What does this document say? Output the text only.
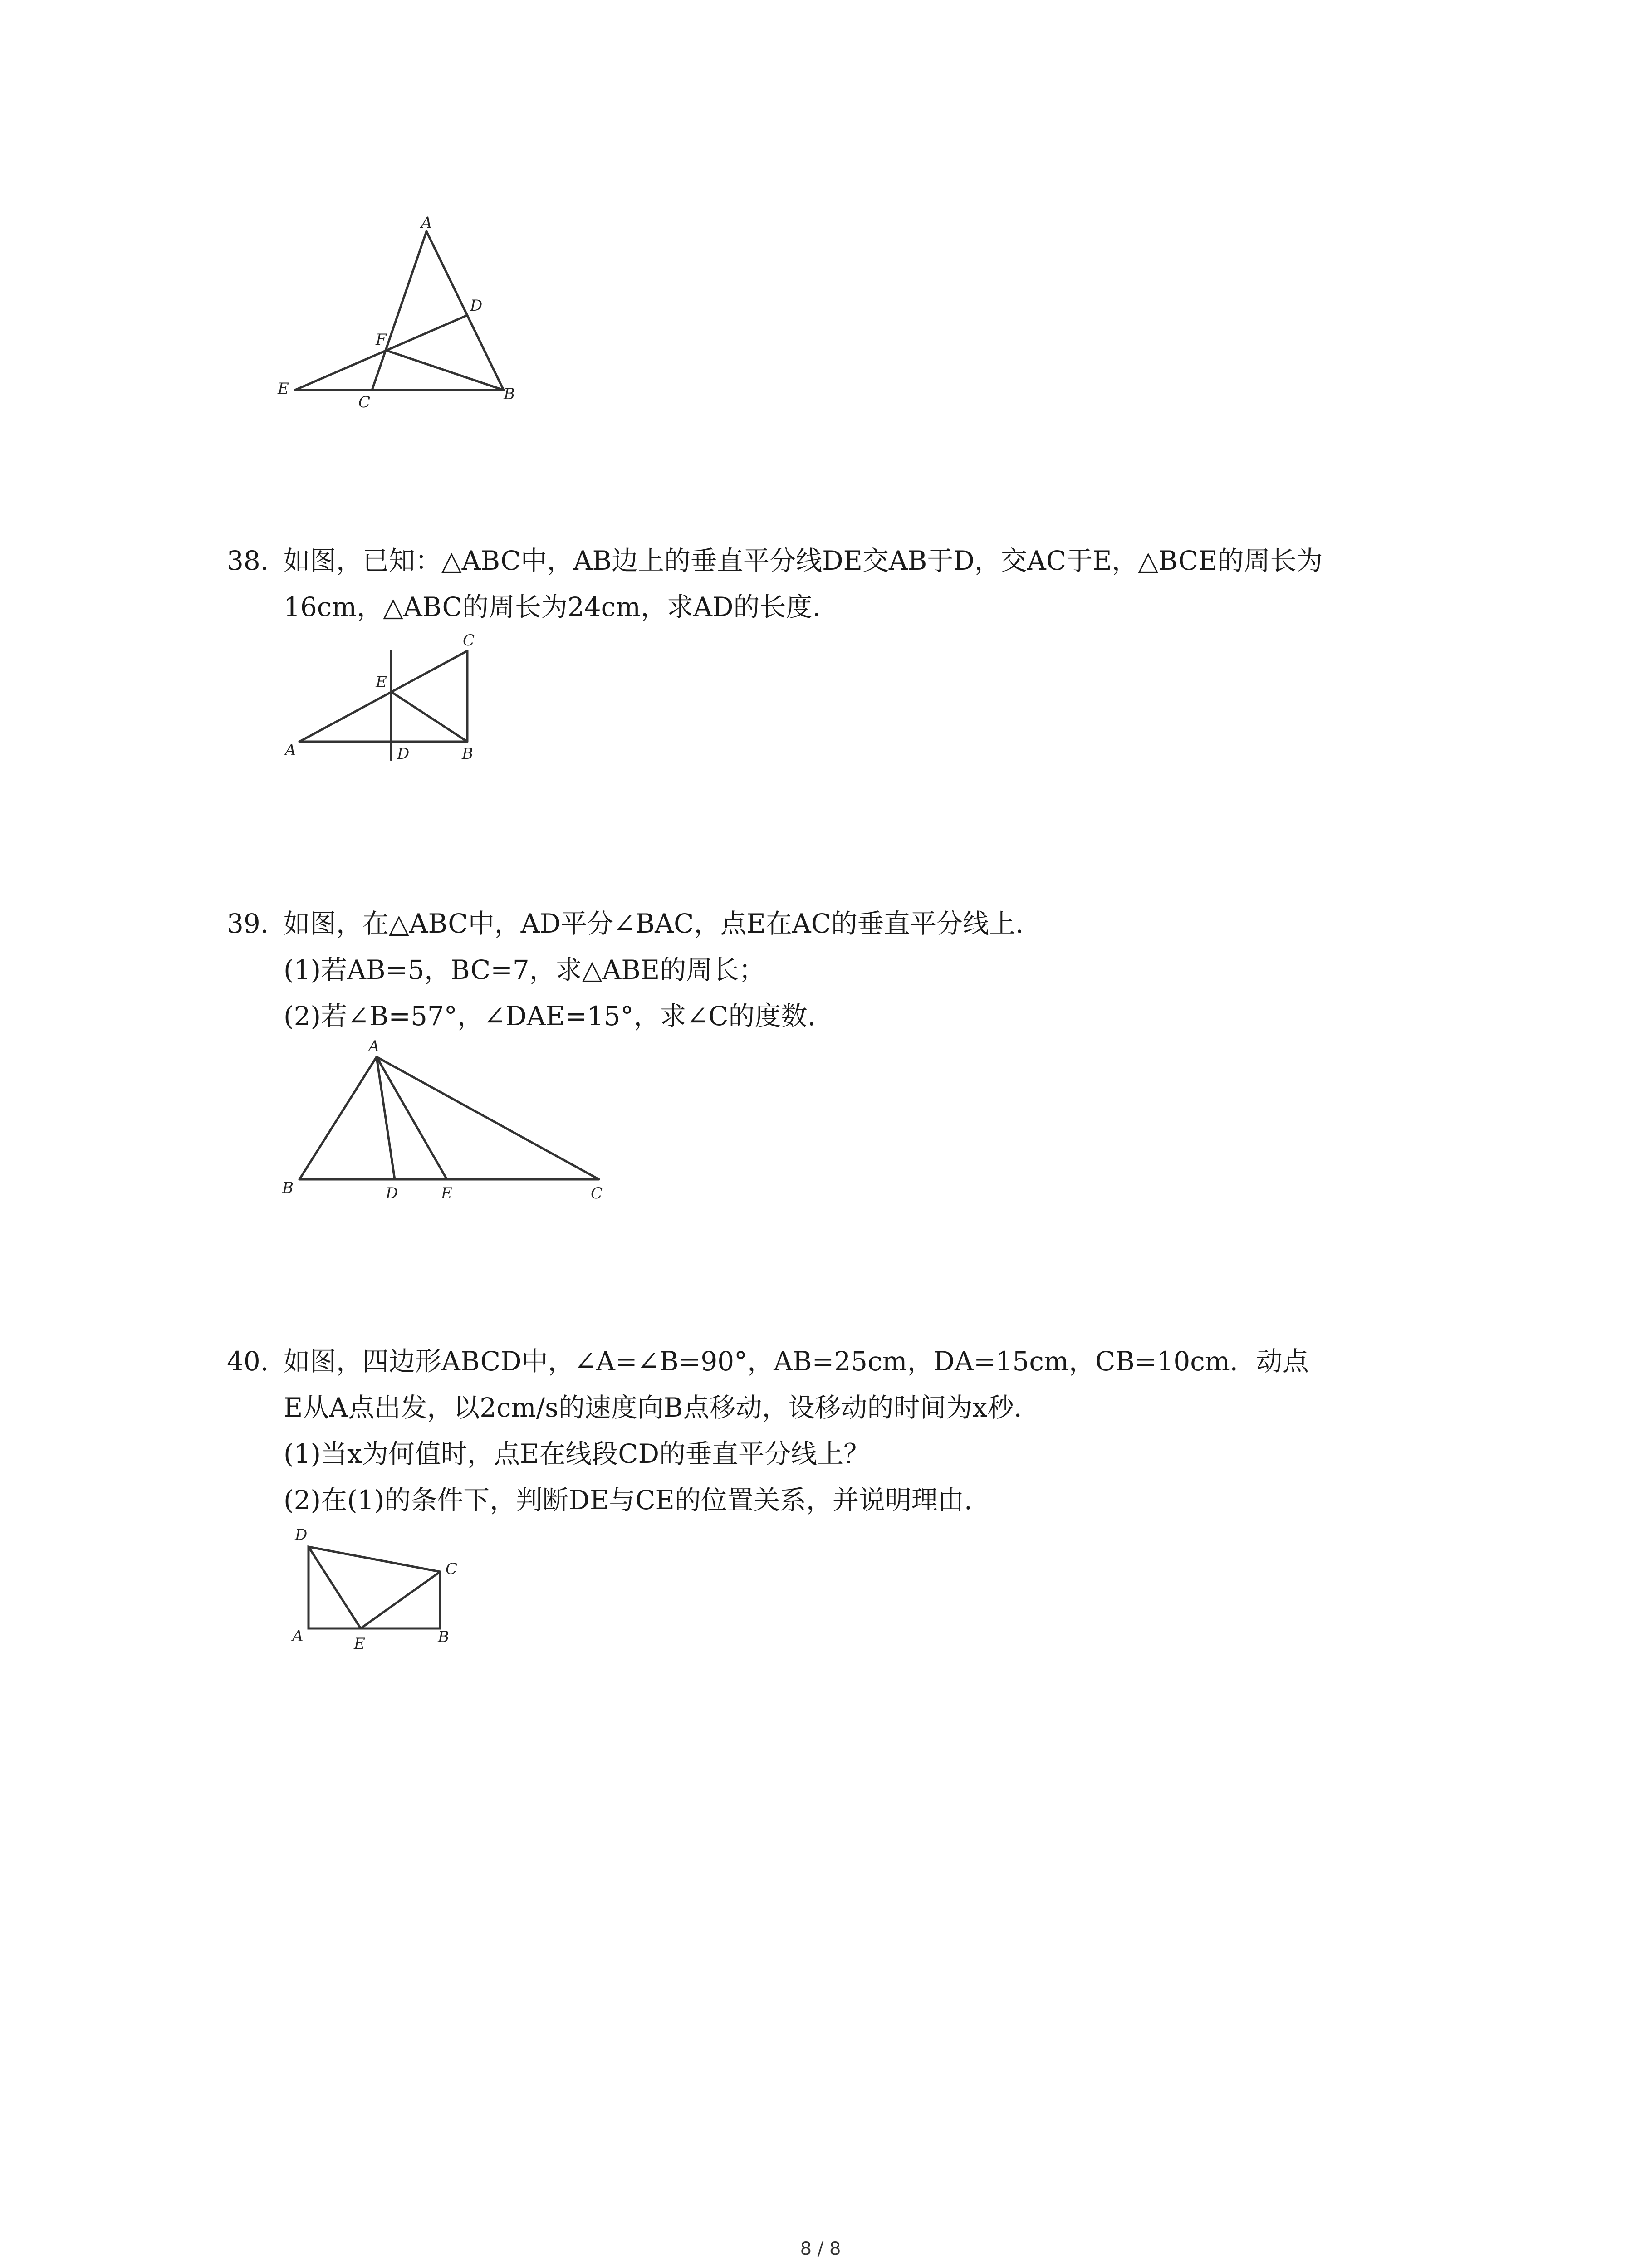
A
D
F
E
C	B
38. 如图，已知：△ABC中，AB边上的垂直平分线DE交AB于D，交AC于E，△BCE的周长为
16cm，△ABC的周长为24cm，求AD的长度.
C
E
A	D	B
39. 如图，在△ABC中，AD平分∠BAC，点E在AC的垂直平分线上.
(1)若AB=5，BC=7，求△ABE的周长；
(2)若∠B=57°，∠DAE=15°，求∠C的度数.
A
B	D	E	C
40. 如图，四边形ABCD中，∠A=∠B=90°，AB=25cm，DA=15cm，CB=10cm．动点
E从A点出发，以2cm/s的速度向B点移动，设移动的时间为x秒.
(1)当x为何值时，点E在线段CD的垂直平分线上？
(2)在(1)的条件下，判断DE与CE的位置关系，并说明理由.
D
C
A	E	B
8 / 8
